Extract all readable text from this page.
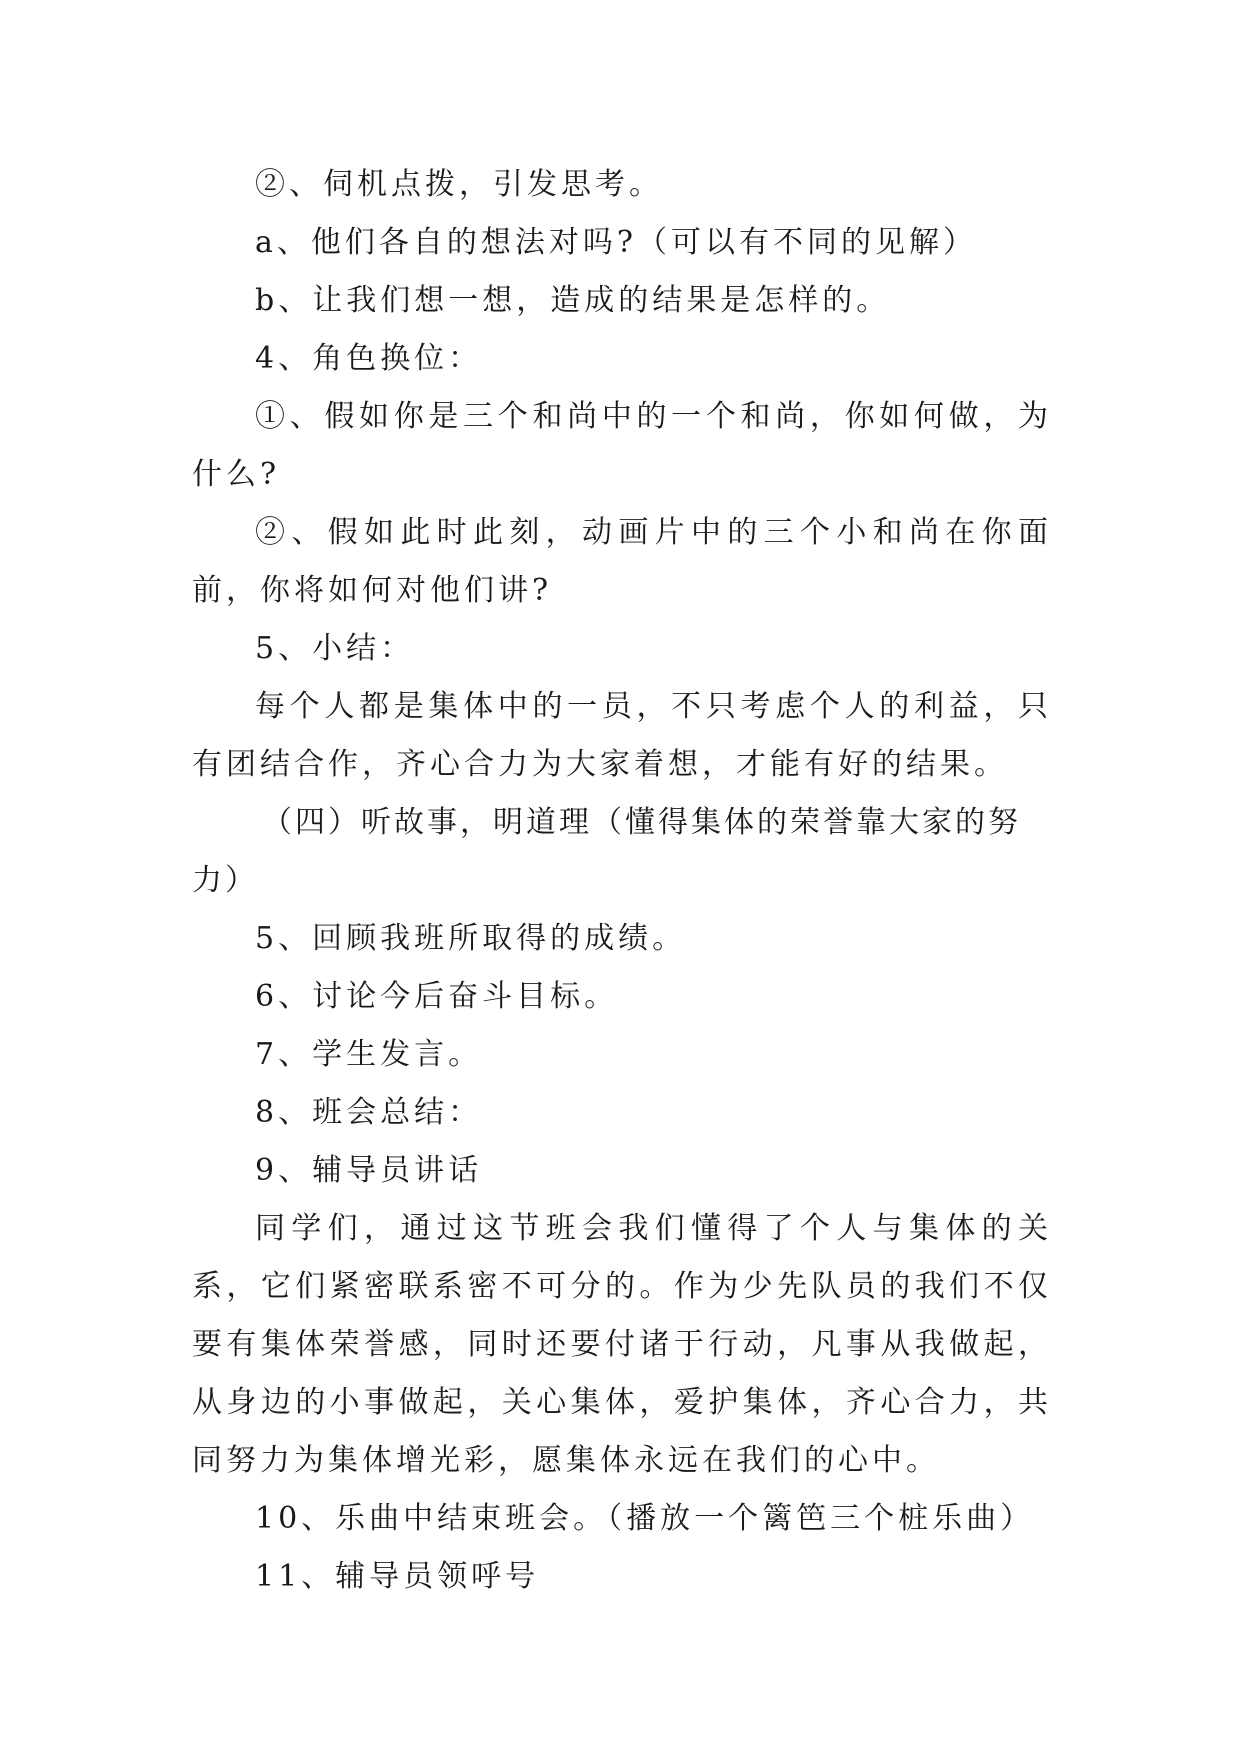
②、伺机点拨，引发思考。

a、他们各自的想法对吗?（可以有不同的见解）

b、让我们想一想，造成的结果是怎样的。

4、角色换位：

①、假如你是三个和尚中的一个和尚，你如何做，为什么?

②、假如此时此刻，动画片中的三个小和尚在你面前，你将如何对他们讲?

5、小结：

每个人都是集体中的一员，不只考虑个人的利益，只有团结合作，齐心合力为大家着想，才能有好的结果。

（四）听故事，明道理（懂得集体的荣誉靠大家的努力）

5、回顾我班所取得的成绩。

6、讨论今后奋斗目标。

7、学生发言。

8、班会总结：

9、辅导员讲话

同学们，通过这节班会我们懂得了个人与集体的关系，它们紧密联系密不可分的。作为少先队员的我们不仅要有集体荣誉感，同时还要付诸于行动，凡事从我做起，从身边的小事做起，关心集体，爱护集体，齐心合力，共同努力为集体增光彩，愿集体永远在我们的心中。

10、乐曲中结束班会。（播放一个篱笆三个桩乐曲）

11、辅导员领呼号
